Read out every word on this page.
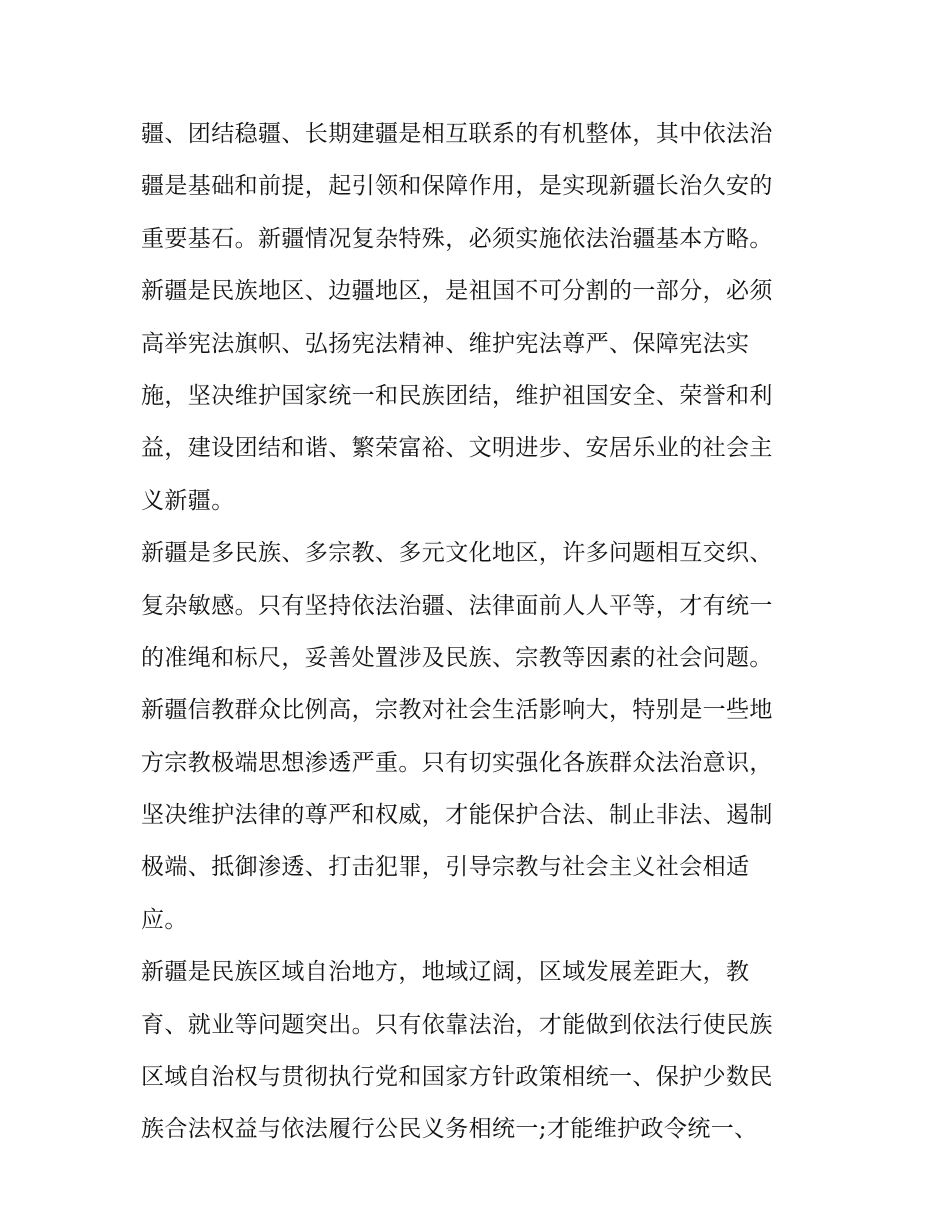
疆、团结稳疆、长期建疆是相互联系的有机整体，其中依法治
疆是基础和前提，起引领和保障作用，是实现新疆长治久安的
重要基石。新疆情况复杂特殊，必须实施依法治疆基本方略。
新疆是民族地区、边疆地区，是祖国不可分割的一部分，必须
高举宪法旗帜、弘扬宪法精神、维护宪法尊严、保障宪法实
施，坚决维护国家统一和民族团结，维护祖国安全、荣誉和利
益，建设团结和谐、繁荣富裕、文明进步、安居乐业的社会主
义新疆。
新疆是多民族、多宗教、多元文化地区，许多问题相互交织、
复杂敏感。只有坚持依法治疆、法律面前人人平等，才有统一
的准绳和标尺，妥善处置涉及民族、宗教等因素的社会问题。
新疆信教群众比例高，宗教对社会生活影响大，特别是一些地
方宗教极端思想渗透严重。只有切实强化各族群众法治意识，
坚决维护法律的尊严和权威，才能保护合法、制止非法、遏制
极端、抵御渗透、打击犯罪，引导宗教与社会主义社会相适
应。
新疆是民族区域自治地方，地域辽阔，区域发展差距大，教
育、就业等问题突出。只有依靠法治，才能做到依法行使民族
区域自治权与贯彻执行党和国家方针政策相统一、保护少数民
族合法权益与依法履行公民义务相统一;才能维护政令统一、
